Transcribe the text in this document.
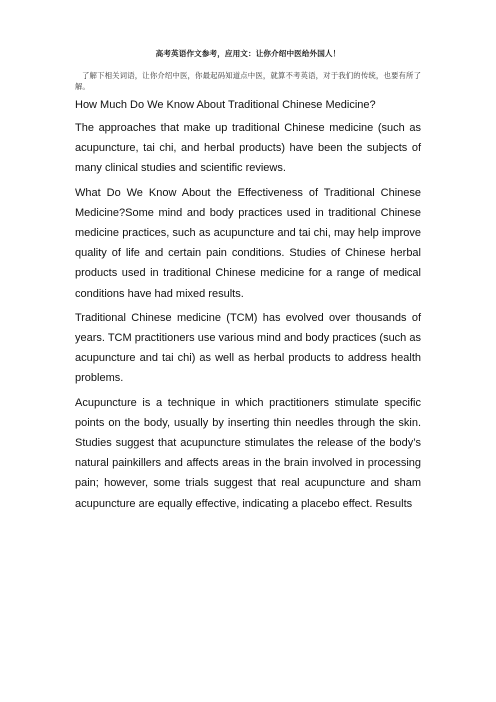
高考英语作文参考，应用文：让你介绍中医给外国人！
了解下相关词语，让你介绍中医，你最起码知道点中医，就算不考英语，对于我们的传统，也要有所了解。
How Much Do We Know About Traditional Chinese Medicine?
The approaches that make up traditional Chinese medicine (such as acupuncture, tai chi, and herbal products) have been the subjects of many clinical studies and scientific reviews.
What Do We Know About the Effectiveness of Traditional Chinese Medicine?Some mind and body practices used in traditional Chinese medicine practices, such as acupuncture and tai chi, may help improve quality of life and certain pain conditions. Studies of Chinese herbal products used in traditional Chinese medicine for a range of medical conditions have had mixed results.
Traditional Chinese medicine (TCM) has evolved over thousands of years. TCM practitioners use various mind and body practices (such as acupuncture and tai chi) as well as herbal products to address health problems.
Acupuncture is a technique in which practitioners stimulate specific points on the body, usually by inserting thin needles through the skin. Studies suggest that acupuncture stimulates the release of the body’s natural painkillers and affects areas in the brain involved in processing pain; however, some trials suggest that real acupuncture and sham acupuncture are equally effective, indicating a placebo effect. Results
